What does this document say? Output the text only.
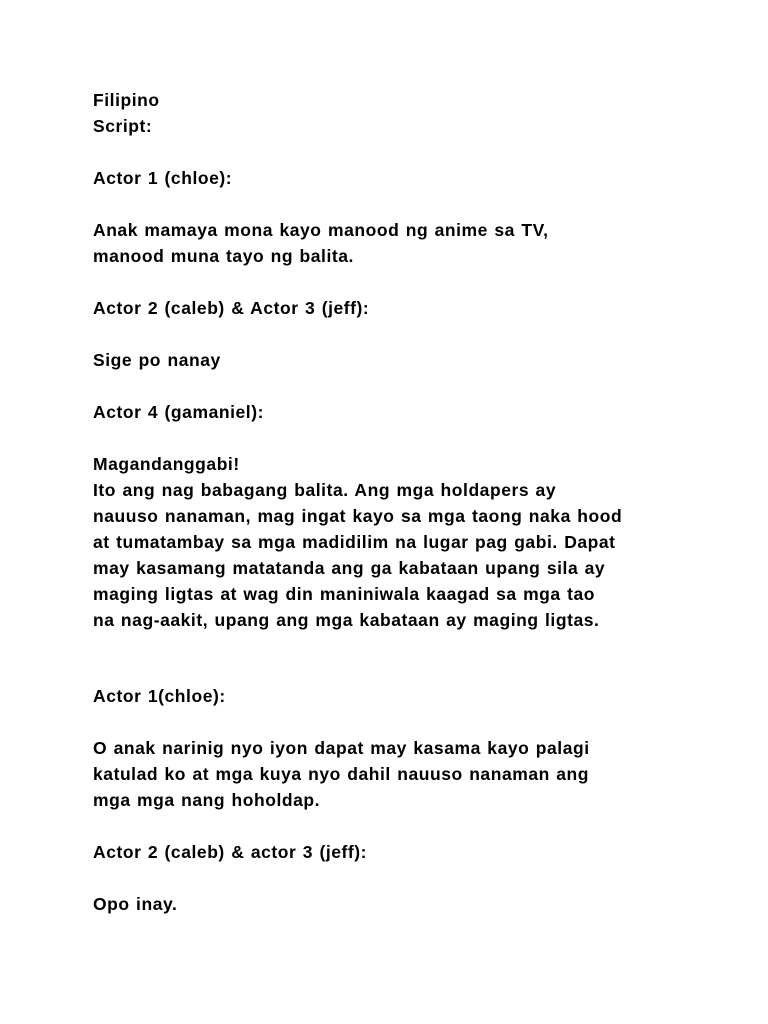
Filipino

Script:

Actor 1 (chloe):

Anak mamaya mona kayo manood ng anime sa TV,

manood muna tayo ng balita.

Actor 2 (caleb) & Actor 3 (jeff):

Sige po nanay

Actor 4 (gamaniel):

Magandanggabi!

Ito ang nag babagang balita. Ang mga holdapers ay

nauuso nanaman, mag ingat kayo sa mga taong naka hood

at tumatambay sa mga madidilim na lugar pag gabi. Dapat

may kasamang matatanda ang ga kabataan upang sila ay

maging ligtas at wag din maniniwala kaagad sa mga tao

na nag-aakit, upang ang mga kabataan ay maging ligtas.

Actor 1(chloe):

O anak narinig nyo iyon dapat may kasama kayo palagi

katulad ko at mga kuya nyo dahil nauuso nanaman ang

mga mga nang hoholdap.

Actor 2 (caleb) & actor 3 (jeff):

Opo inay.
